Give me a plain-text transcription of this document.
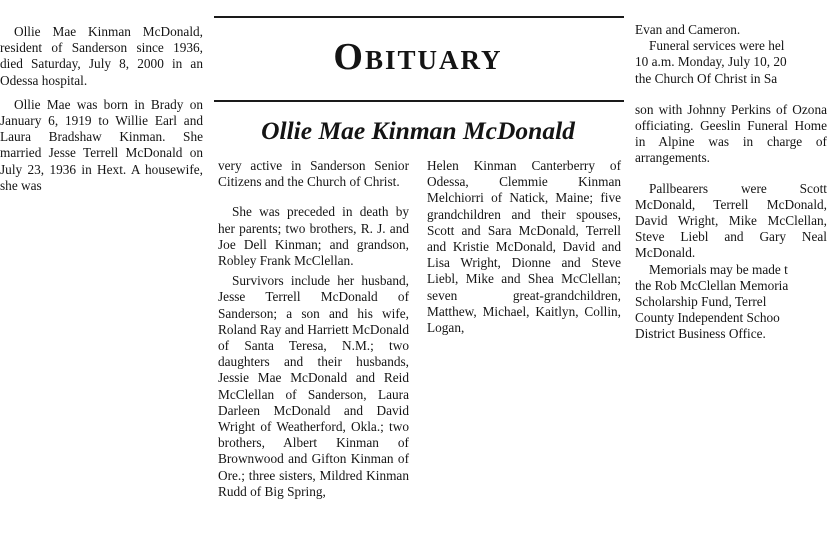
Obituary
Ollie Mae Kinman McDonald

Ollie Mae Kinman McDonald, resident of Sanderson since 1936, died Saturday, July 8, 2000 in an Odessa hospital.

Ollie Mae was born in Brady on January 6, 1919 to Willie Earl and Laura Bradshaw Kinman. She married Jesse Terrell McDonald on July 23, 1936 in Hext. A housewife, she was

very active in Sanderson Senior Citizens and the Church of Christ.

She was preceded in death by her parents; two brothers, R. J. and Joe Dell Kinman; and grandson, Robley Frank McClellan.

Survivors include her husband, Jesse Terrell McDonald of Sanderson; a son and his wife, Roland Ray and Harriett McDonald of Santa Teresa, N.M.; two daughters and their husbands, Jessie Mae McDonald and Reid McClellan of Sanderson, Laura Darleen McDonald and David Wright of Weatherford, Okla.; two brothers, Albert Kinman of Brownwood and Gifton Kinman of Ore.; three sisters, Mildred Kinman Rudd of Big Spring,

Helen Kinman Canterberry of Odessa, Clemmie Kinman Melchiorri of Natick, Maine; five grandchildren and their spouses, Scott and Sara McDonald, Terrell and Kristie McDonald, David and Lisa Wright, Dionne and Steve Liebl, Mike and Shea McClellan; seven great-grandchildren, Matthew, Michael, Kaitlyn, Collin, Logan,

Evan and Cameron.

Funeral services were hel
10 a.m. Monday, July 10, 20
the Church Of Christ in Sa

son with Johnny Perkins of Ozona officiating. Geeslin Funeral Home in Alpine was in charge of arrangements.

Pallbearers were Scott McDonald, Terrell McDonald, David Wright, Mike McClellan, Steve Liebl and Gary Neal McDonald.

Memorials may be made t
the Rob McClellan Memoria
Scholarship Fund, Terrel
County Independent Schoo
District Business Office.
